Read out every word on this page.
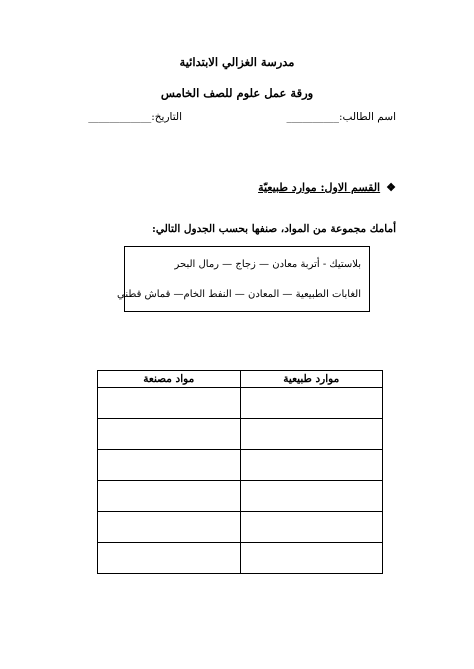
مدرسة الغزالي الابتدائية
ورقة عمل علوم للصف الخامس
اسم الطالب:__________
التاريخ:____________
❖القسم الاول: موارد طبيعيّة
أمامك مجموعة من المواد، صنفها بحسب الجدول التالي:
بلاستيك - أتربة معادن — زجاج — رمال البحر
الغابات الطبيعية — المعادن — النفط الخام— قماش قطني
موارد طبيعية	مواد مصنعة
